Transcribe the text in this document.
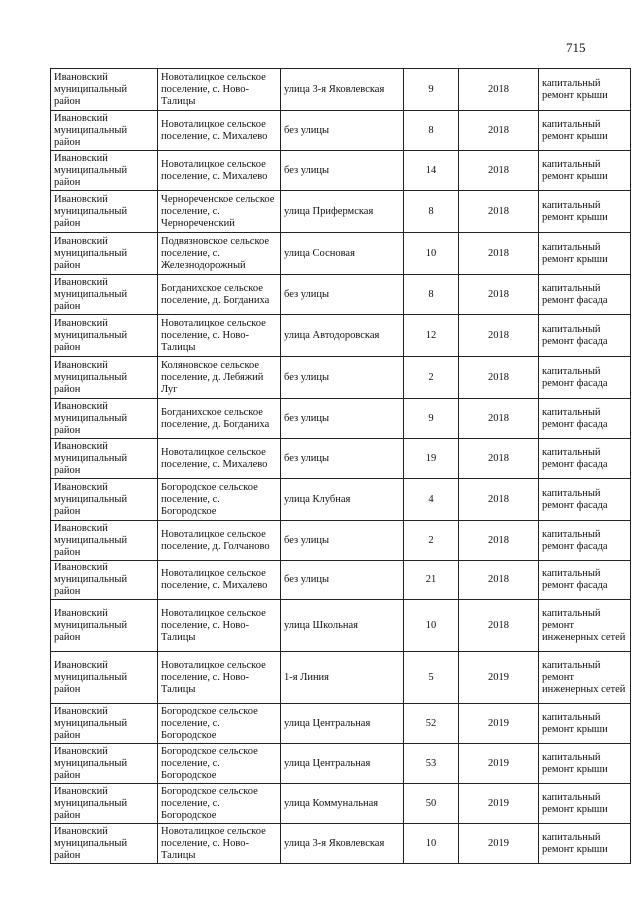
715
Ивановский муниципальный район	Новоталицкое сельское поселение, с. Ново-Талицы	улица 3-я Яковлевская	9	2018	капитальный ремонт крыши
Ивановский муниципальный район	Новоталицкое сельское поселение, с. Михалево	без улицы	8	2018	капитальный ремонт крыши
Ивановский муниципальный район	Новоталицкое сельское поселение, с. Михалево	без улицы	14	2018	капитальный ремонт крыши
Ивановский муниципальный район	Чернореченское сельское поселение, с. Чернореченский	улица Прифермская	8	2018	капитальный ремонт крыши
Ивановский муниципальный район	Подвязновское сельское поселение, с. Железнодорожный	улица Сосновая	10	2018	капитальный ремонт крыши
Ивановский муниципальный район	Богданихское сельское поселение, д. Богданиха	без улицы	8	2018	капитальный ремонт фасада
Ивановский муниципальный район	Новоталицкое сельское поселение, с. Ново-Талицы	улица Автодоровская	12	2018	капитальный ремонт фасада
Ивановский муниципальный район	Коляновское сельское поселение, д. Лебяжий Луг	без улицы	2	2018	капитальный ремонт фасада
Ивановский муниципальный район	Богданихское сельское поселение, д. Богданиха	без улицы	9	2018	капитальный ремонт фасада
Ивановский муниципальный район	Новоталицкое сельское поселение, с. Михалево	без улицы	19	2018	капитальный ремонт фасада
Ивановский муниципальный район	Богородское сельское поселение, с. Богородское	улица Клубная	4	2018	капитальный ремонт фасада
Ивановский муниципальный район	Новоталицкое сельское поселение, д. Голчаново	без улицы	2	2018	капитальный ремонт фасада
Ивановский муниципальный район	Новоталицкое сельское поселение, с. Михалево	без улицы	21	2018	капитальный ремонт фасада
Ивановский муниципальный район	Новоталицкое сельское поселение, с. Ново-Талицы	улица Школьная	10	2018	капитальный ремонт инженерных сетей
Ивановский муниципальный район	Новоталицкое сельское поселение, с. Ново-Талицы	1-я Линия	5	2019	капитальный ремонт инженерных сетей
Ивановский муниципальный район	Богородское сельское поселение, с. Богородское	улица Центральная	52	2019	капитальный ремонт крыши
Ивановский муниципальный район	Богородское сельское поселение, с. Богородское	улица Центральная	53	2019	капитальный ремонт крыши
Ивановский муниципальный район	Богородское сельское поселение, с. Богородское	улица Коммунальная	50	2019	капитальный ремонт крыши
Ивановский муниципальный район	Новоталицкое сельское поселение, с. Ново-Талицы	улица 3-я Яковлевская	10	2019	капитальный ремонт крыши
